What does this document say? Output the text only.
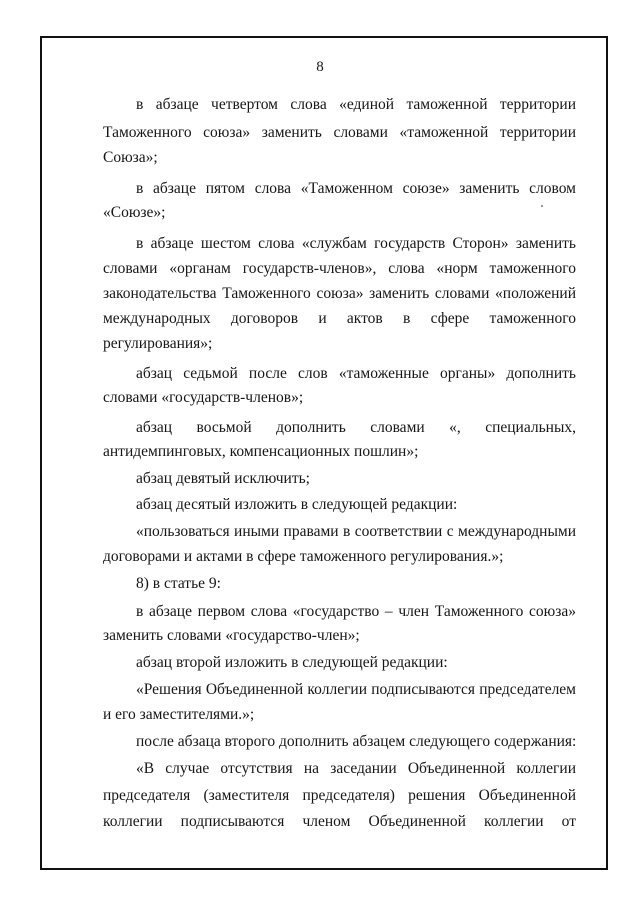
8
в абзаце четвертом слова «единой таможенной территории
Таможенного союза» заменить словами «таможенной территории
Союза»;
в абзаце пятом слова «Таможенном союзе» заменить словом
«Союзе»;
в абзаце шестом слова «службам государств Сторон» заменить
словами «органам государств-членов», слова «норм таможенного
законодательства Таможенного союза» заменить словами «положений
международных договоров и актов в сфере таможенного
регулирования»;
абзац седьмой после слов «таможенные органы» дополнить
словами «государств-членов»;
абзац восьмой дополнить словами «, специальных,
антидемпинговых, компенсационных пошлин»;
абзац девятый исключить;
абзац десятый изложить в следующей редакции:
«пользоваться иными правами в соответствии с международными
договорами и актами в сфере таможенного регулирования.»;
8) в статье 9:
в абзаце первом слова «государство – член Таможенного союза»
заменить словами «государство-член»;
абзац второй изложить в следующей редакции:
«Решения Объединенной коллегии подписываются председателем
и его заместителями.»;
после абзаца второго дополнить абзацем следующего содержания:
«В случае отсутствия на заседании Объединенной коллегии
председателя (заместителя председателя) решения Объединенной
коллегии подписываются членом Объединенной коллегии от
